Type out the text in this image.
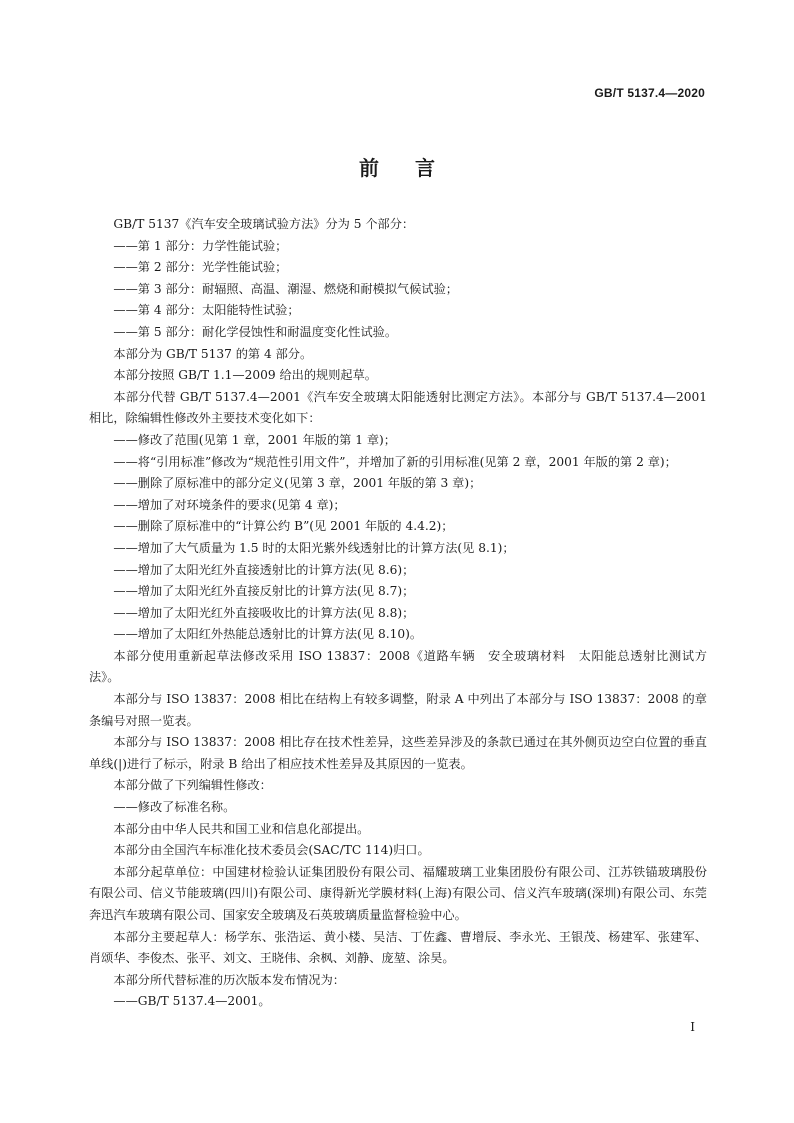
GB/T 5137.4—2020
前言

GB/T 5137《汽车安全玻璃试验方法》分为 5 个部分：

——第 1 部分：力学性能试验；

——第 2 部分：光学性能试验；

——第 3 部分：耐辐照、高温、潮湿、燃烧和耐模拟气候试验；

——第 4 部分：太阳能特性试验；

——第 5 部分：耐化学侵蚀性和耐温度变化性试验。

本部分为 GB/T 5137 的第 4 部分。

本部分按照 GB/T 1.1—2009 给出的规则起草。

本部分代替 GB/T 5137.4—2001《汽车安全玻璃太阳能透射比测定方法》。本部分与 GB/T 5137.4—2001 相比，除编辑性修改外主要技术变化如下：

——修改了范围(见第 1 章，2001 年版的第 1 章)；

——将“引用标准”修改为“规范性引用文件”，并增加了新的引用标准(见第 2 章，2001 年版的第 2 章)；

——删除了原标准中的部分定义(见第 3 章，2001 年版的第 3 章)；

——增加了对环境条件的要求(见第 4 章)；

——删除了原标准中的“计算公约 B”(见 2001 年版的 4.4.2)；

——增加了大气质量为 1.5 时的太阳光紫外线透射比的计算方法(见 8.1)；

——增加了太阳光红外直接透射比的计算方法(见 8.6)；

——增加了太阳光红外直接反射比的计算方法(见 8.7)；

——增加了太阳光红外直接吸收比的计算方法(见 8.8)；

——增加了太阳红外热能总透射比的计算方法(见 8.10)。

本部分使用重新起草法修改采用 ISO 13837：2008《道路车辆　安全玻璃材料　太阳能总透射比测试方法》。

本部分与 ISO 13837：2008 相比在结构上有较多调整，附录 A 中列出了本部分与 ISO 13837：2008 的章条编号对照一览表。

本部分与 ISO 13837：2008 相比存在技术性差异，这些差异涉及的条款已通过在其外侧页边空白位置的垂直单线(|)进行了标示，附录 B 给出了相应技术性差异及其原因的一览表。

本部分做了下列编辑性修改：

——修改了标准名称。

本部分由中华人民共和国工业和信息化部提出。

本部分由全国汽车标准化技术委员会(SAC/TC 114)归口。

本部分起草单位：中国建材检验认证集团股份有限公司、福耀玻璃工业集团股份有限公司、江苏铁锚玻璃股份有限公司、信义节能玻璃(四川)有限公司、康得新光学膜材料(上海)有限公司、信义汽车玻璃(深圳)有限公司、东莞奔迅汽车玻璃有限公司、国家安全玻璃及石英玻璃质量监督检验中心。

本部分主要起草人：杨学东、张浩运、黄小楼、吴洁、丁佐鑫、曹增辰、李永光、王银茂、杨建军、张建军、肖颂华、李俊杰、张平、刘文、王晓伟、余枫、刘静、庞堃、涂昊。

本部分所代替标准的历次版本发布情况为：

——GB/T 5137.4—2001。

I
